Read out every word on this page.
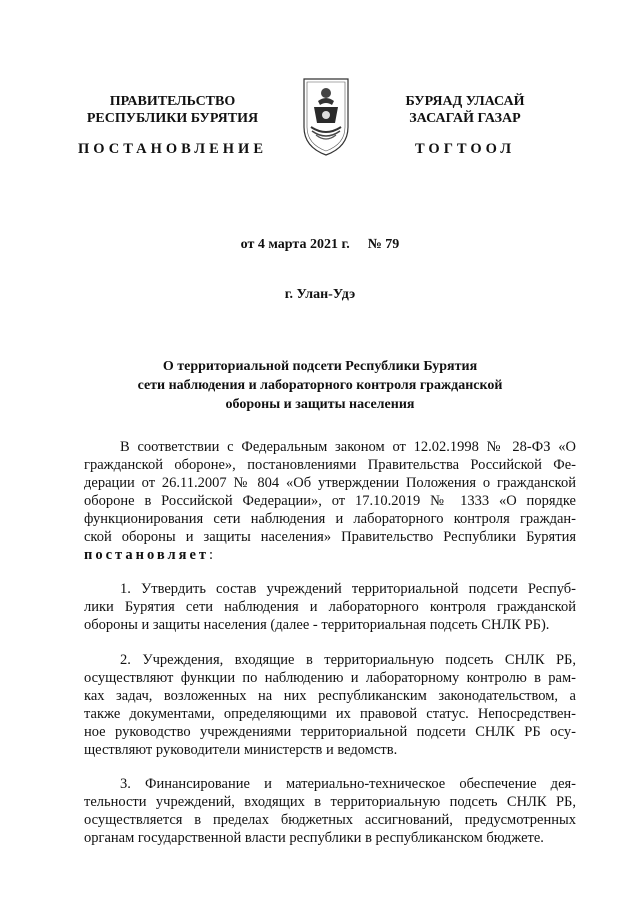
ПРАВИТЕЛЬСТВО
РЕСПУБЛИКИ БУРЯТИЯ
БУРЯАД УЛАСАЙ
ЗАСАГАЙ ГАЗАР
ПОСТАНОВЛЕНИЕ	ТОГТООЛ
от 4 марта 2021 г. № 79
г. Улан-Удэ
О территориальной подсети Республики Бурятия
сети наблюдения и лабораторного контроля гражданской
обороны и защиты населения
В соответствии с Федеральным законом от 12.02.1998 № 28-ФЗ «О
гражданской обороне», постановлениями Правительства Российской Фе-
дерации от 26.11.2007 № 804 «Об утверждении Положения о гражданской
обороне в Российской Федерации», от 17.10.2019 № 1333 «О порядке
функционирования сети наблюдения и лабораторного контроля граждан-
ской обороны и защиты населения» Правительство Республики Бурятия
постановляет:
1. Утвердить состав учреждений территориальной подсети Респуб-
лики Бурятия сети наблюдения и лабораторного контроля гражданской
обороны и защиты населения (далее - территориальная подсеть СНЛК РБ).
2. Учреждения, входящие в территориальную подсеть СНЛК РБ,
осуществляют функции по наблюдению и лабораторному контролю в рам-
ках задач, возложенных на них республиканским законодательством, а
также документами, определяющими их правовой статус. Непосредствен-
ное руководство учреждениями территориальной подсети СНЛК РБ осу-
ществляют руководители министерств и ведомств.
3. Финансирование и материально-техническое обеспечение дея-
тельности учреждений, входящих в территориальную подсеть СНЛК РБ,
осуществляется в пределах бюджетных ассигнований, предусмотренных
органам государственной власти республики в республиканском бюджете.
